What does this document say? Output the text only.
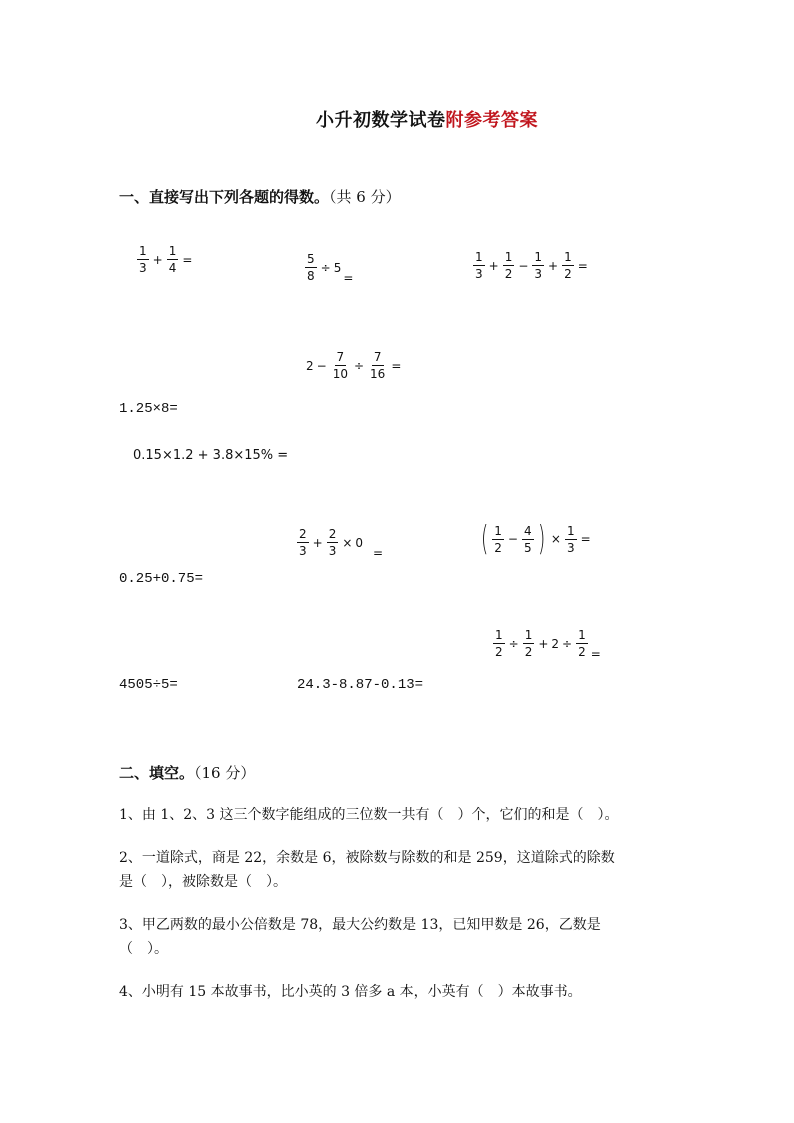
小升初数学试卷附参考答案
一、直接写出下列各题的得数。（共 6 分）
$\frac{1}{3} + \frac{1}{4}$ =	$\frac{5}{8} \div 5$
=	$\frac{1}{3} + \frac{1}{2} - \frac{1}{3} + \frac{1}{2}$ =
$2 - \frac{7}{10} \div \frac{7}{16}$ =
1.25×8=
0.15×1.2 + 3.8×15% =
$\frac{2}{3} + \frac{2}{3} \times 0$
=	( $\frac{1}{2} - \frac{4}{5}$ ) × $\frac{1}{3}$ =
0.25+0.75=
$\frac{1}{2} \div \frac{1}{2} + 2 \div \frac{1}{2}$ =
4505÷5=	24.3-8.87-0.13=
二、填空。（16 分）
1、由 1、2、3 这三个数字能组成的三位数一共有（　）个，它们的和是（　）。
2、一道除式，商是 22，余数是 6，被除数与除数的和是 259，这道除式的除数
是（　），被除数是（　）。
3、甲乙两数的最小公倍数是 78，最大公约数是 13，已知甲数是 26，乙数是
（　）。
4、小明有 15 本故事书，比小英的 3 倍多 a 本，小英有（　）本故事书。
